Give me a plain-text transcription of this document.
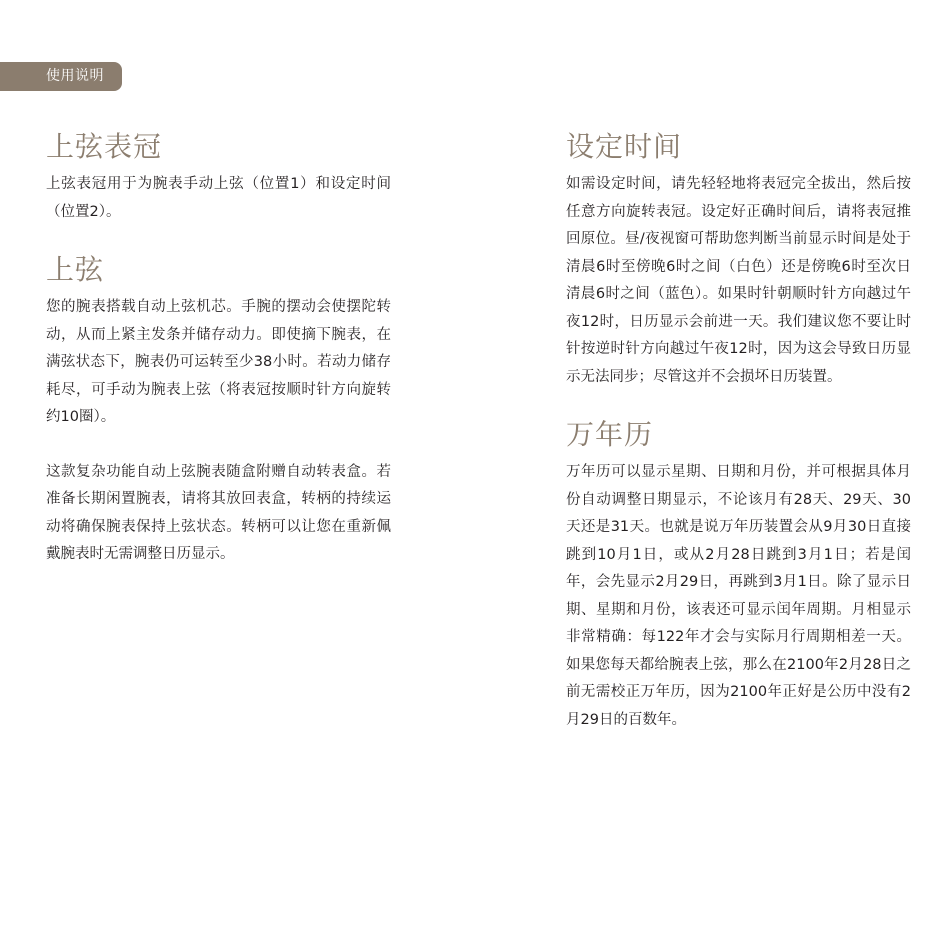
使用说明
上弦表冠

上弦表冠用于为腕表手动上弦（位置1）和设定时间（位置2）。

上弦

您的腕表搭载自动上弦机芯。手腕的摆动会使摆陀转动，从而上紧主发条并储存动力。即使摘下腕表，在满弦状态下，腕表仍可运转至少38小时。若动力储存耗尽，可手动为腕表上弦（将表冠按顺时针方向旋转约10圈）。

这款复杂功能自动上弦腕表随盒附赠自动转表盒。若准备长期闲置腕表，请将其放回表盒，转柄的持续运动将确保腕表保持上弦状态。转柄可以让您在重新佩戴腕表时无需调整日历显示。

设定时间

如需设定时间，请先轻轻地将表冠完全拔出，然后按任意方向旋转表冠。设定好正确时间后，请将表冠推回原位。昼/夜视窗可帮助您判断当前显示时间是处于清晨6时至傍晚6时之间（白色）还是傍晚6时至次日清晨6时之间（蓝色）。如果时针朝顺时针方向越过午夜12时，日历显示会前进一天。我们建议您不要让时针按逆时针方向越过午夜12时，因为这会导致日历显示无法同步；尽管这并不会损坏日历装置。

万年历

万年历可以显示星期、日期和月份，并可根据具体月份自动调整日期显示，不论该月有28天、29天、30天还是31天。也就是说万年历装置会从9月30日直接跳到10月1日，或从2月28日跳到3月1日；若是闰年，会先显示2月29日，再跳到3月1日。除了显示日期、星期和月份，该表还可显示闰年周期。月相显示非常精确：每122年才会与实际月行周期相差一天。如果您每天都给腕表上弦，那么在2100年2月28日之前无需校正万年历，因为2100年正好是公历中没有2月29日的百数年。
